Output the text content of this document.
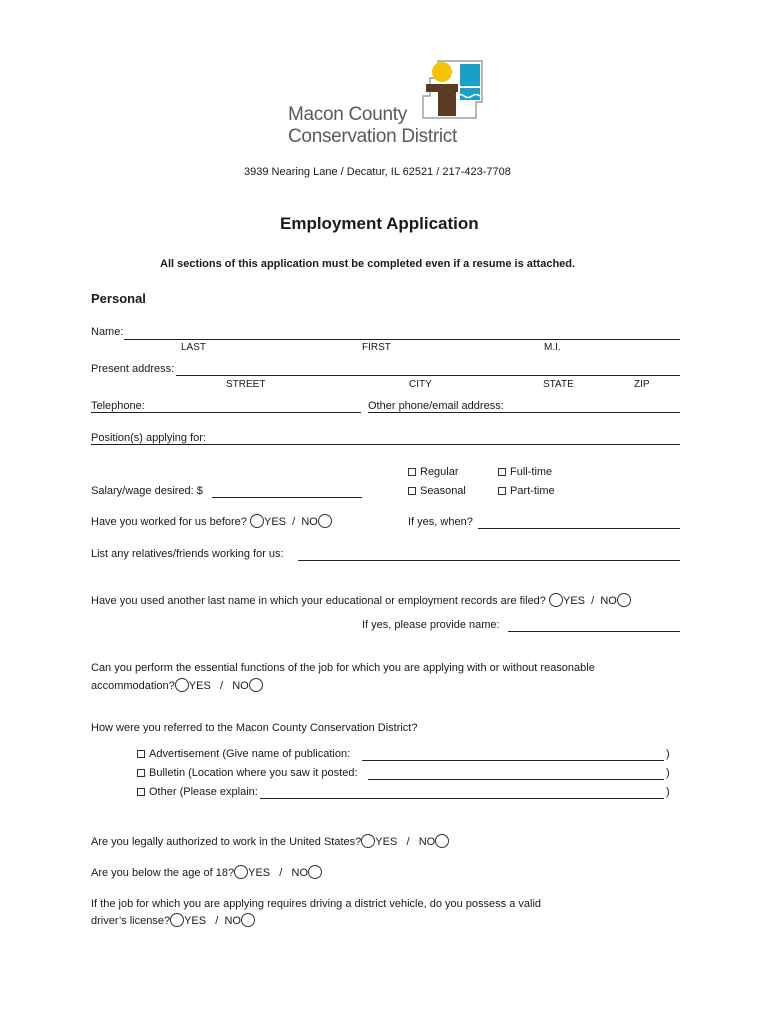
Macon County
Conservation District
3939 Nearing Lane / Decatur, IL 62521 / 217-423-7708
Employment Application
All sections of this application must be completed even if a resume is attached.
Personal
Name:
LAST	FIRST	M.I.
Present address:
STREET	CITY	STATE	ZIP
Telephone:	Other phone/email address:
Position(s) applying for:
Regular	Full-time
Seasonal	Part-time
Salary/wage desired: $
Have you worked for us before? YES / NO	If yes, when?
List any relatives/friends working for us:
Have you used another last name in which your educational or employment records are filed? YES / NO
If yes, please provide name:
Can you perform the essential functions of the job for which you are applying with or without reasonable
accommodation? YES / NO
How were you referred to the Macon County Conservation District?
Advertisement (Give name of publication:	)
Bulletin (Location where you saw it posted:	)
Other (Please explain:	)
Are you legally authorized to work in the United States? YES / NO
Are you below the age of 18? YES / NO
If the job for which you are applying requires driving a district vehicle, do you possess a valid
driver’s license? YES / NO
